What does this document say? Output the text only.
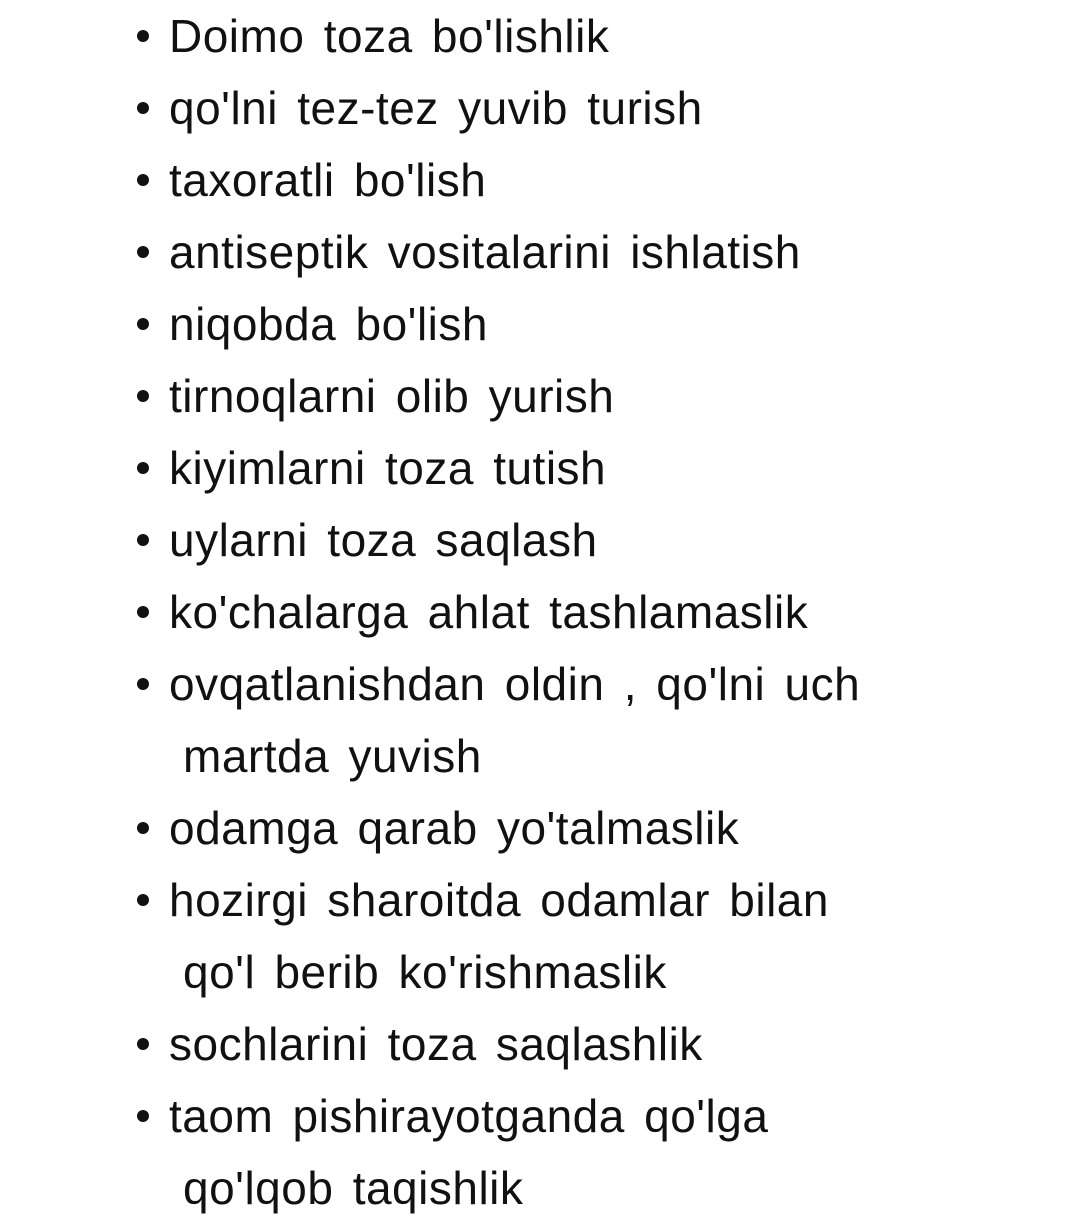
Doimo toza bo'lishlik
qo'lni tez-tez yuvib turish
taxoratli bo'lish
antiseptik vositalarini ishlatish
niqobda bo'lish
tirnoqlarni olib yurish
kiyimlarni toza tutish
uylarni toza saqlash
ko'chalarga ahlat tashlamaslik
ovqatlanishdan oldin , qo'lni uch
martda yuvish
odamga qarab yo'talmaslik
hozirgi sharoitda odamlar bilan
qo'l berib ko'rishmaslik
sochlarini toza saqlashlik
taom pishirayotganda qo'lga
qo'lqob taqishlik
